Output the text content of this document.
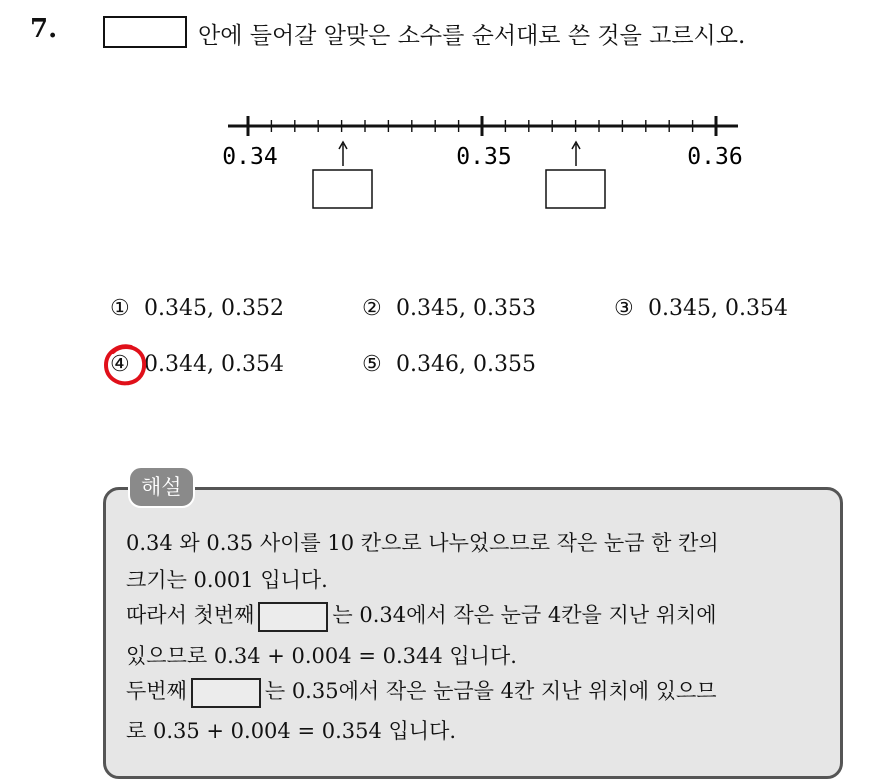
7.	안에 들어갈 알맞은 소수를 순서대로 쓴 것을 고르시오.
0.34	0.35	0.36
① 0.345, 0.352	② 0.345, 0.353	③ 0.345, 0.354
④ 0.344, 0.354	⑤ 0.346, 0.355
해설
0.34 와 0.35 사이를 10 칸으로 나누었으므로 작은 눈금 한 칸의
크기는 0.001 입니다.
따라서 첫번째	는 0.34에서 작은 눈금 4칸을 지난 위치에
있으므로 0.34 + 0.004 = 0.344 입니다.
두번째	는 0.35에서 작은 눈금을 4칸 지난 위치에 있으므
로 0.35 + 0.004 = 0.354 입니다.
